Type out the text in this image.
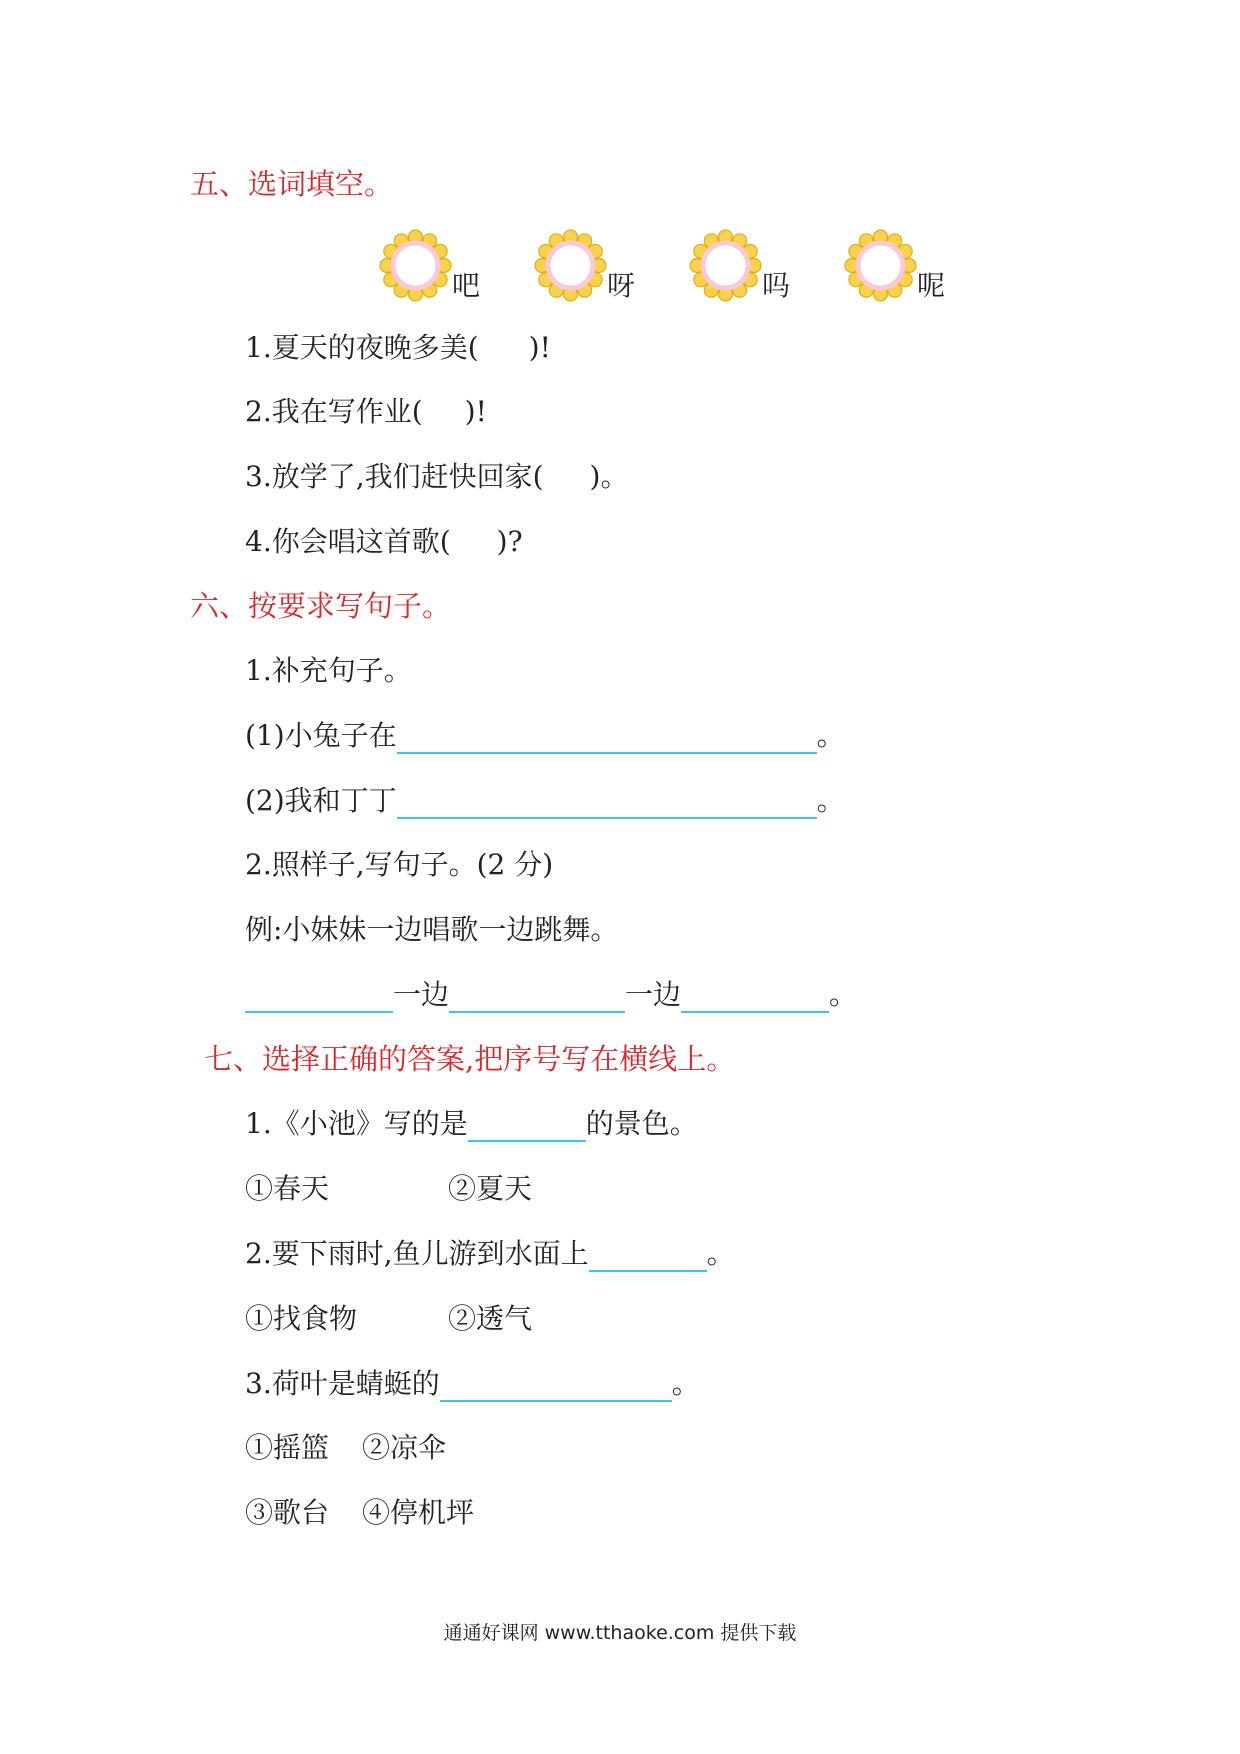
五、选词填空。
吧	呀	吗	呢
1.夏天的夜晚多美( )!
2.我在写作业( )!
3.放学了,我们赶快回家( )。
4.你会唱这首歌( )?
六、按要求写句子。
1.补充句子。
(1)小兔子在	。
(2)我和丁丁	。
2.照样子,写句子。(2 分)
例:小妹妹一边唱歌一边跳舞。
一边	一边	。
七、选择正确的答案,把序号写在横线上。
1.《小池》写的是	的景色。
①春天	②夏天
2.要下雨时,鱼儿游到水面上	。
①找食物	②透气
3.荷叶是蜻蜓的	。
①摇篮 ②凉伞
③歌台 ④停机坪
通通好课网 www.tthaoke.com 提供下载
